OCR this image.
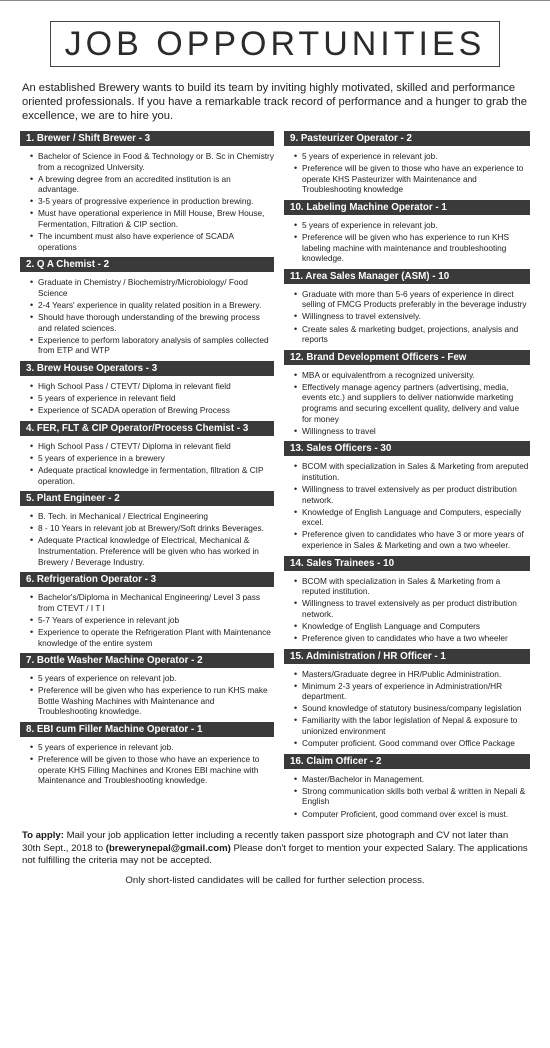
JOB OPPORTUNITIES
An established Brewery wants to build its team by inviting highly motivated, skilled and performance oriented professionals. If you have a remarkable track record of performance and a hunger to grab the excellence, we are to hire you.
1. Brewer / Shift Brewer - 3
• Bachelor of Science in Food & Technology or B. Sc in Chemistry from a recognized University.
• A brewing degree from an accredited institution is an advantage.
• 3-5 years of progressive experience in production brewing.
• Must have operational experience in Mill House, Brew House, Fermentation, Filtration & CIP section.
• The incumbent must also have experience of SCADA operations
2. Q A Chemist - 2
• Graduate in Chemistry / Biochemistry/Microbiology/ Food Science
• 2-4 Years' experience in quality related position in a Brewery.
• Should have thorough understanding of the brewing process and related sciences.
• Experience to perform laboratory analysis of samples collected from ETP and WTP
3. Brew House Operators - 3
• High School Pass / CTEVT/ Diploma in relevant field
• 5 years of experience in relevant field
• Experience of SCADA operation of Brewing Process
4. FER, FLT & CIP Operator/Process Chemist - 3
• High School Pass / CTEVT/ Diploma in relevant field
• 5 years of experience in a brewery
• Adequate practical knowledge in fermentation, filtration & CIP operation.
5. Plant Engineer - 2
• B. Tech. in Mechanical / Electrical Engineering
• 8 - 10 Years in relevant job at Brewery/Soft drinks Beverages.
• Adequate Practical knowledge of Electrical, Mechanical & Instrumentation. Preference will be given who has worked in Brewery / Beverage Industry.
6. Refrigeration Operator - 3
• Bachelor's/Diploma in Mechanical Engineering/ Level 3 pass from CTEVT / I T I
• 5-7 Years of experience in relevant job
• Experience to operate the Refrigeration Plant with Maintenance knowledge of the entire system
7. Bottle Washer Machine Operator - 2
• 5 years of experience on relevant job.
• Preference will be given who has experience to run KHS make Bottle Washing Machines with Maintenance and Troubleshooting knowledge.
8. EBI cum Filler Machine Operator - 1
• 5 years of experience in relevant job.
• Preference will be given to those who have an experience to operate KHS Filling Machines and Krones EBI machine with Maintenance and Troubleshooting knowledge.
9. Pasteurizer Operator - 2
• 5 years of experience in relevant job.
• Preference will be given to those who have an experience to operate KHS Pasteurizer with Maintenance and Troubleshooting knowledge
10. Labeling Machine Operator - 1
• 5 years of experience in relevant job.
• Preference will be given who has experience to run KHS labeling machine with maintenance and troubleshooting knowledge.
11. Area Sales Manager (ASM) - 10
• Graduate with more than 5-6 years of experience in direct selling of FMCG Products preferably in the beverage industry
• Willingness to travel extensively.
• Create sales & marketing budget, projections, analysis and reports
12. Brand Development Officers - Few
• MBA or equivalentfrom a recognized university.
• Effectively manage agency partners (advertising, media, events etc.) and suppliers to deliver nationwide marketing programs and securing excellent quality, delivery and value for money
• Willingness to travel
13. Sales Officers - 30
• BCOM with specialization in Sales & Marketing from areputed institution.
• Willingness to travel extensively as per product distribution network.
• Knowledge of English Language and Computers, especially excel.
• Preference given to candidates who have 3 or more years of experience in Sales & Marketing and own a two wheeler.
14. Sales Trainees - 10
• BCOM with specialization in Sales & Marketing from a reputed institution.
• Willingness to travel extensively as per product distribution network.
• Knowledge of English Language and Computers
• Preference given to candidates who have a two wheeler
15. Administration / HR Officer - 1
• Masters/Graduate degree in HR/Public Administration.
• Minimum 2-3 years of experience in Administration/HR department.
• Sound knowledge of statutory business/company legislation
• Familiarity with the labor legislation of Nepal & exposure to unionized environment
• Computer proficient. Good command over Office Package
16. Claim Officer - 2
• Master/Bachelor in Management.
• Strong communication skills both verbal & written in Nepali & English
• Computer Proficient, good command over excel is must.
To apply: Mail your job application letter including a recently taken passport size photograph and CV not later than 30th Sept., 2018 to (brewerynepal@gmail.com) Please don't forget to mention your expected Salary. The applications not fulfilling the criteria may not be accepted.
Only short-listed candidates will be called for further selection process.
